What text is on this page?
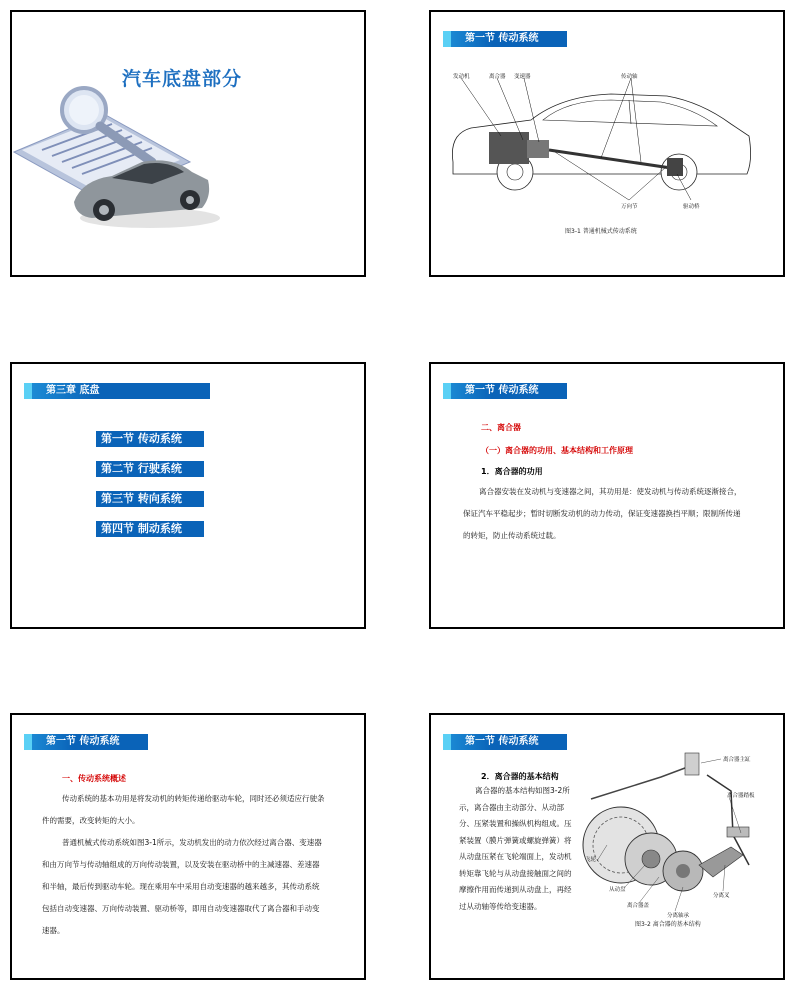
汽车底盘部分
第一节 传动系统
发动机	离合器 变速器	传动轴
万向节	驱动桥
图3-1 普通机械式传动系统
第三章 底盘
第一节 传动系统
第二节 行驶系统
第三节 转向系统
第四节 制动系统
第一节 传动系统
二、离合器
（一）离合器的功用、基本结构和工作原理
1．离合器的功用
离合器安装在发动机与变速器之间，其功用是：使发动机与传动系统逐渐接合，保证汽车平稳起步；暂时切断发动机的动力传动，保证变速器换挡平顺；限制所传递的转矩，防止传动系统过载。
第一节 传动系统
一、传动系统概述
传动系统的基本功用是将发动机的转矩传递给驱动车轮，同时还必须适应行驶条件的需要，改变转矩的大小。
普通机械式传动系统如图3-1所示，发动机发出的动力依次经过离合器、变速器和由万向节与传动轴组成的万向传动装置，以及安装在驱动桥中的主减速器、差速器和半轴，最后传到驱动车轮。现在乘用车中采用自动变速器的越来越多，其传动系统包括自动变速器、万向传动装置、驱动桥等，即用自动变速器取代了离合器和手动变速器。
第一节 传动系统
2．离合器的基本结构
离合器的基本结构如图3-2所示，离合器由主动部分、从动部分、压紧装置和操纵机构组成。压紧装置（膜片弹簧或螺旋弹簧）将从动盘压紧在飞轮端面上，发动机转矩靠飞轮与从动盘接触面之间的摩擦作用而传递到从动盘上，再经过从动轴等传给变速器。
离合器主缸
离合器踏板
飞轮
从动盘
离合器盖
分离轴承
分离叉
图3-2 离合器的基本结构
